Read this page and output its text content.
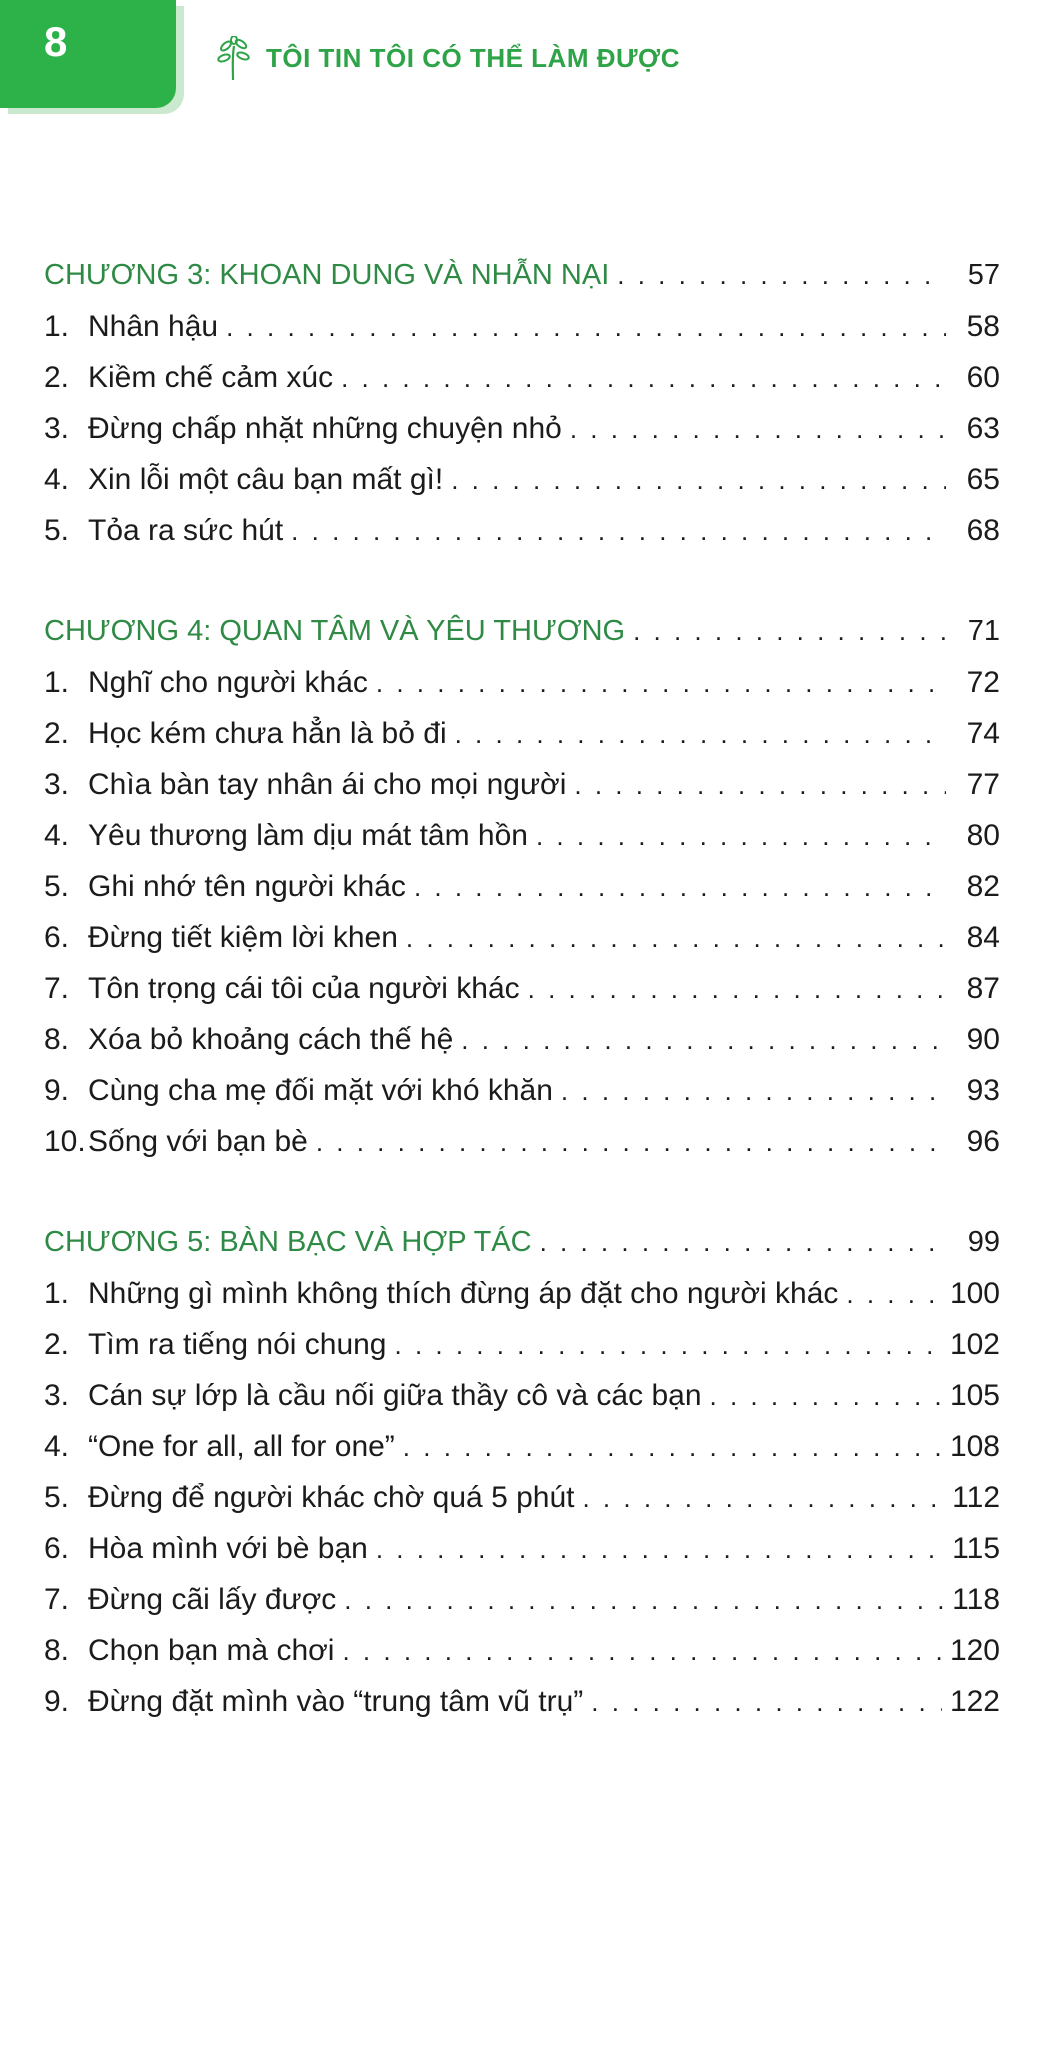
8	TÔI TIN TÔI CÓ THỂ LÀM ĐƯỢC
CHƯƠNG 3: KHOAN DUNG VÀ NHẪN NẠI . . .	57
1. Nhân hậu . . .	58
2. Kiềm chế cảm xúc . . .	60
3. Đừng chấp nhặt những chuyện nhỏ . . .	63
4. Xin lỗi một câu bạn mất gì! . . .	65
5. Tỏa ra sức hút . . .	68
CHƯƠNG 4: QUAN TÂM VÀ YÊU THƯƠNG . . .	71
1. Nghĩ cho người khác . . .	72
2. Học kém chưa hẳn là bỏ đi . . .	74
3. Chìa bàn tay nhân ái cho mọi người . . .	77
4. Yêu thương làm dịu mát tâm hồn . . .	80
5. Ghi nhớ tên người khác . . .	82
6. Đừng tiết kiệm lời khen . . .	84
7. Tôn trọng cái tôi của người khác . . .	87
8. Xóa bỏ khoảng cách thế hệ . . .	90
9. Cùng cha mẹ đối mặt với khó khăn . . .	93
10. Sống với bạn bè . . .	96
CHƯƠNG 5: BÀN BẠC VÀ HỢP TÁC . . .	99
1. Những gì mình không thích đừng áp đặt cho người khác . . .	100
2. Tìm ra tiếng nói chung . . .	102
3. Cán sự lớp là cầu nối giữa thầy cô và các bạn . . .	105
4. “One for all, all for one” . . .	108
5. Đừng để người khác chờ quá 5 phút . . .	112
6. Hòa mình với bè bạn . . .	115
7. Đừng cãi lấy được . . .	118
8. Chọn bạn mà chơi . . .	120
9. Đừng đặt mình vào “trung tâm vũ trụ” . . .	122
